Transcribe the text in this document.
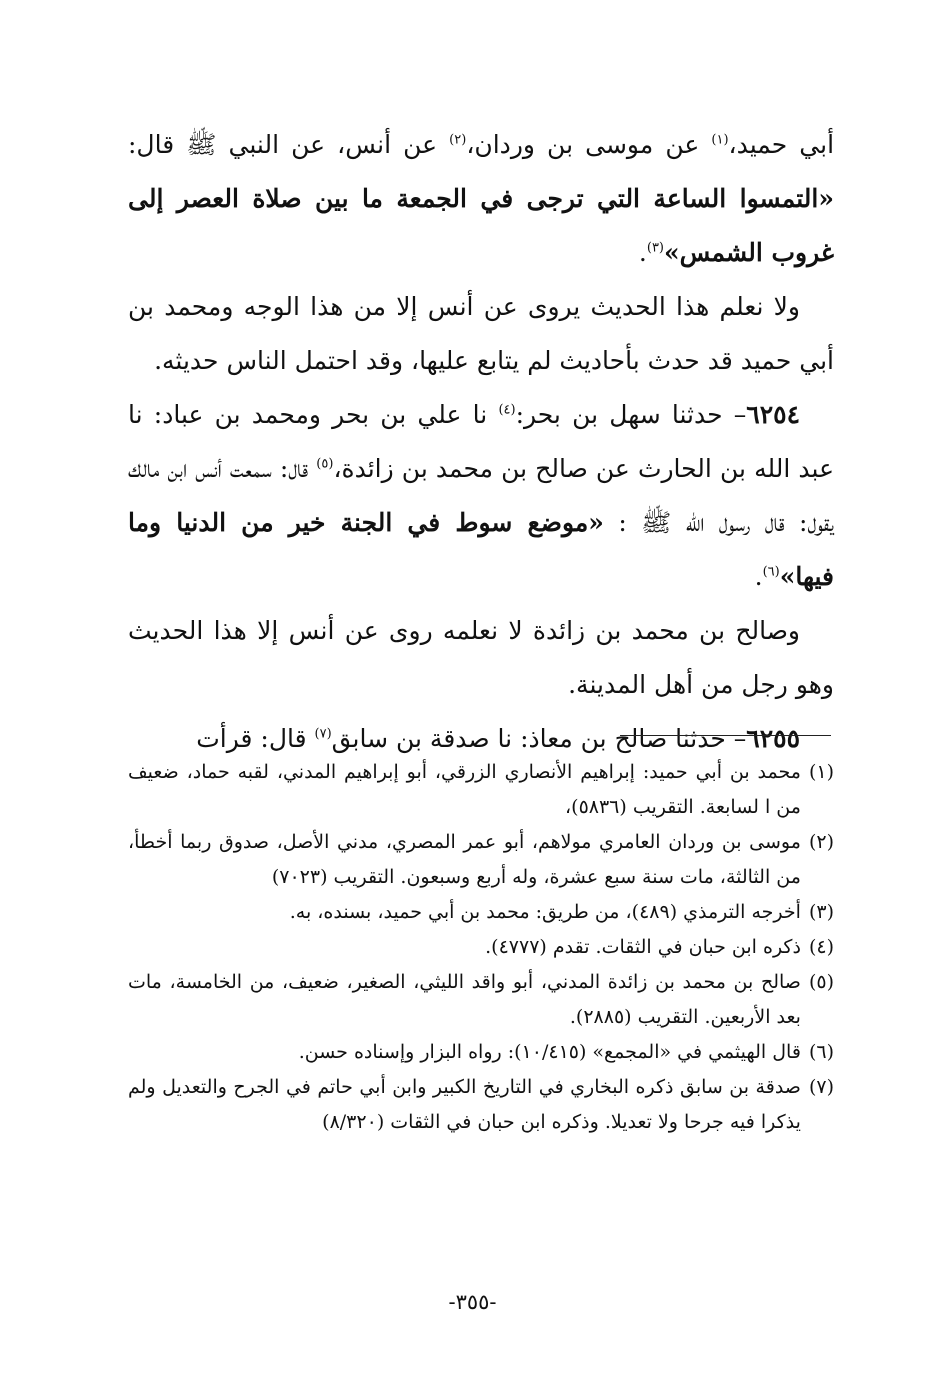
أبي حميد،$^{(١)}$ عن موسى بن وردان،$^{(٢)}$ عن أنس، عن النبي ﷺ قال: «التمسوا الساعة التي ترجى في الجمعة ما بين صلاة العصر إلى غروب الشمس»$^{(٣)}$.

ولا نعلم هذا الحديث يروى عن أنس إلا من هذا الوجه ومحمد بن أبي حميد قد حدث بأحاديث لم يتابع عليها، وقد احتمل الناس حديثه.

٦٢٥٤– حدثنا سهل بن بحر:$^{(٤)}$ نا علي بن بحر ومحمد بن عباد: نا عبد الله بن الحارث عن صالح بن محمد بن زائدة،$^{(٥)}$ قال: سمعت أنس ابن مالك يقول: قال رسول الله ﷺ : «موضع سوط في الجنة خير من الدنيا وما فيها»$^{(٦)}$.

وصالح بن محمد بن زائدة لا نعلمه روى عن أنس إلا هذا الحديث وهو رجل من أهل المدينة.

٦٢٥٥– حدثنا صالح بن معاذ: نا صدقة بن سابق$^{(٧)}$ قال: قرأت

(١)
محمد بن أبي حميد: إبراهيم الأنصاري الزرقي، أبو إبراهيم المدني، لقبه حماد، ضعيف من ا لسابعة. التقريب (٥٨٣٦)،
(٢)
موسى بن وردان العامري مولاهم، أبو عمر المصري، مدني الأصل، صدوق ربما أخطأ، من الثالثة، مات سنة سبع عشرة، وله أربع وسبعون. التقريب (٧٠٢٣)
(٣)
أخرجه الترمذي (٤٨٩)، من طريق: محمد بن أبي حميد، بسنده، به.
(٤)
ذكره ابن حبان في الثقات. تقدم (٤٧٧٧).
(٥)
صالح بن محمد بن زائدة المدني، أبو واقد الليثي، الصغير، ضعيف، من الخامسة، مات بعد الأربعين. التقريب (٢٨٨٥).
(٦)
قال الهيثمي في «المجمع» (١٠/٤١٥): رواه البزار وإسناده حسن.
(٧)
صدقة بن سابق ذكره البخاري في التاريخ الكبير وابن أبي حاتم في الجرح والتعديل ولم يذكرا فيه جرحا ولا تعديلا. وذكره ابن حبان في الثقات (٨/٣٢٠)
-٣٥٥-
